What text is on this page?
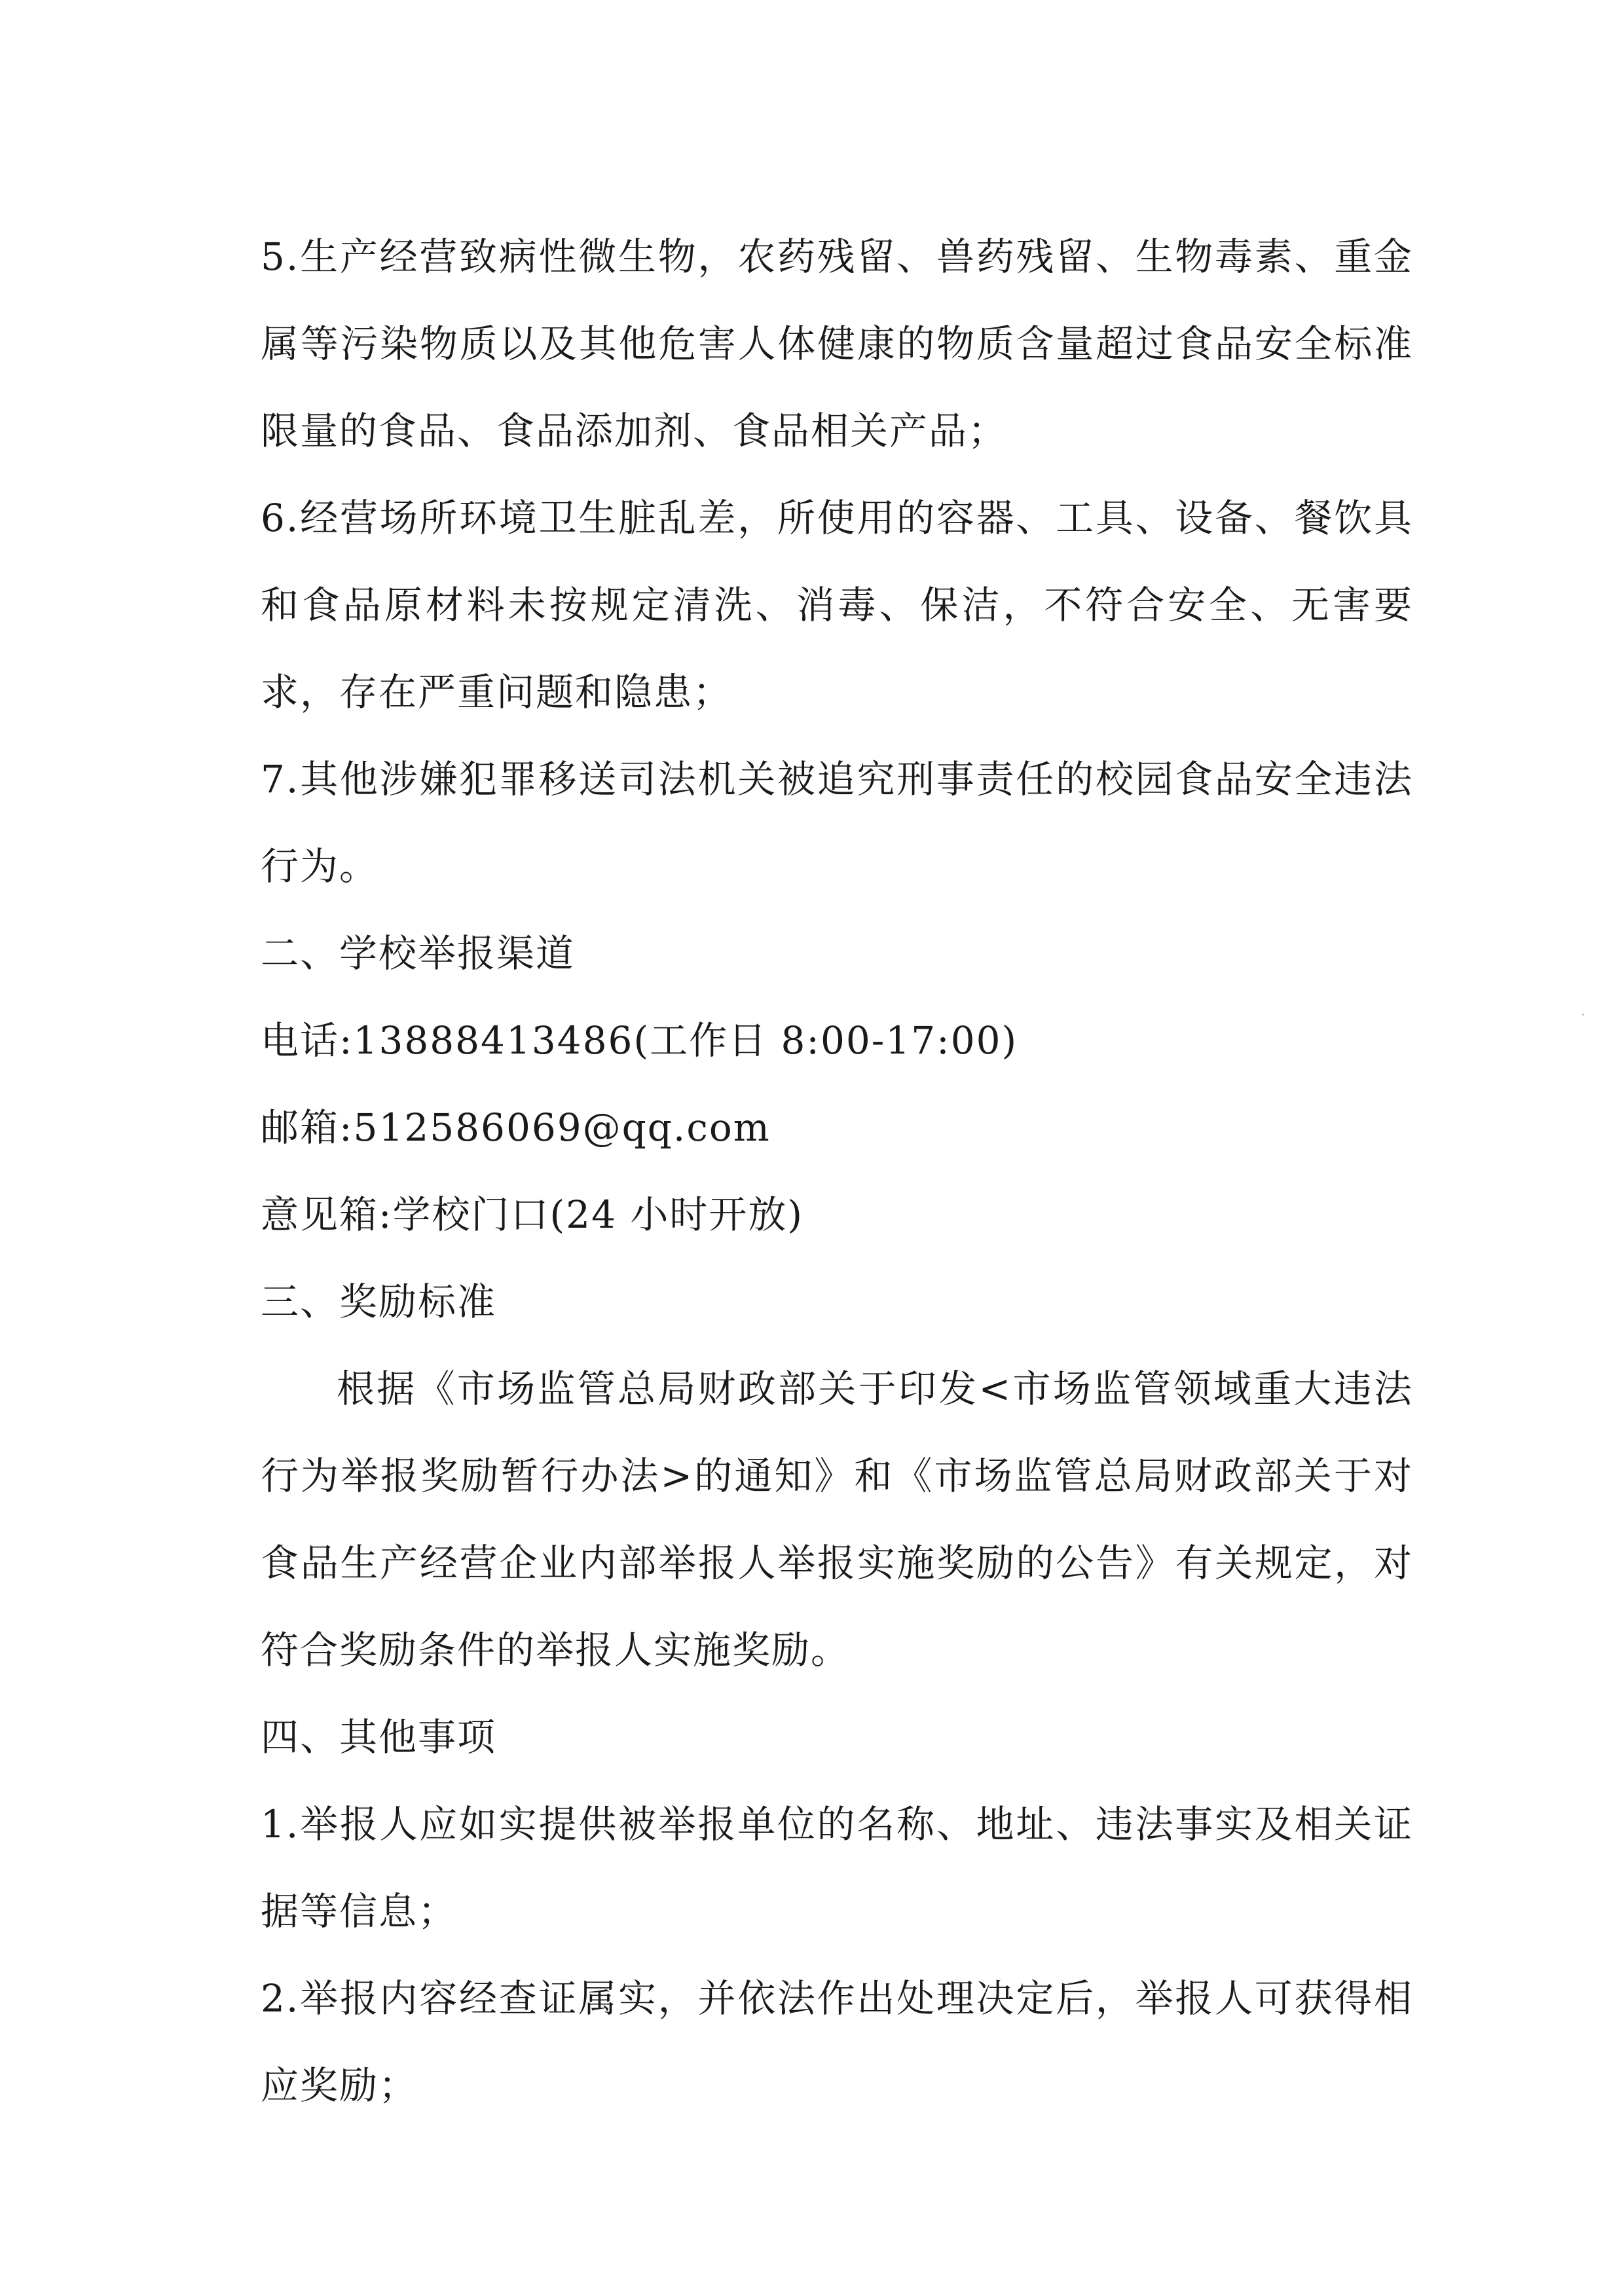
5.生产经营致病性微生物，农药残留、兽药残留、生物毒素、重金属等污染物质以及其他危害人体健康的物质含量超过食品安全标准限量的食品、食品添加剂、食品相关产品；

6.经营场所环境卫生脏乱差，所使用的容器、工具、设备、餐饮具和食品原材料未按规定清洗、消毒、保洁，不符合安全、无害要求，存在严重问题和隐患；

7.其他涉嫌犯罪移送司法机关被追究刑事责任的校园食品安全违法行为。

二、学校举报渠道

电话:13888413486(工作日 8:00-17:00)

邮箱:512586069@qq.com

意见箱:学校门口(24 小时开放)

三、奖励标准

根据《市场监管总局财政部关于印发<市场监管领域重大违法行为举报奖励暂行办法>的通知》和《市场监管总局财政部关于对食品生产经营企业内部举报人举报实施奖励的公告》有关规定，对符合奖励条件的举报人实施奖励。

四、其他事项

1.举报人应如实提供被举报单位的名称、地址、违法事实及相关证据等信息；

2.举报内容经查证属实，并依法作出处理决定后，举报人可获得相应奖励；
